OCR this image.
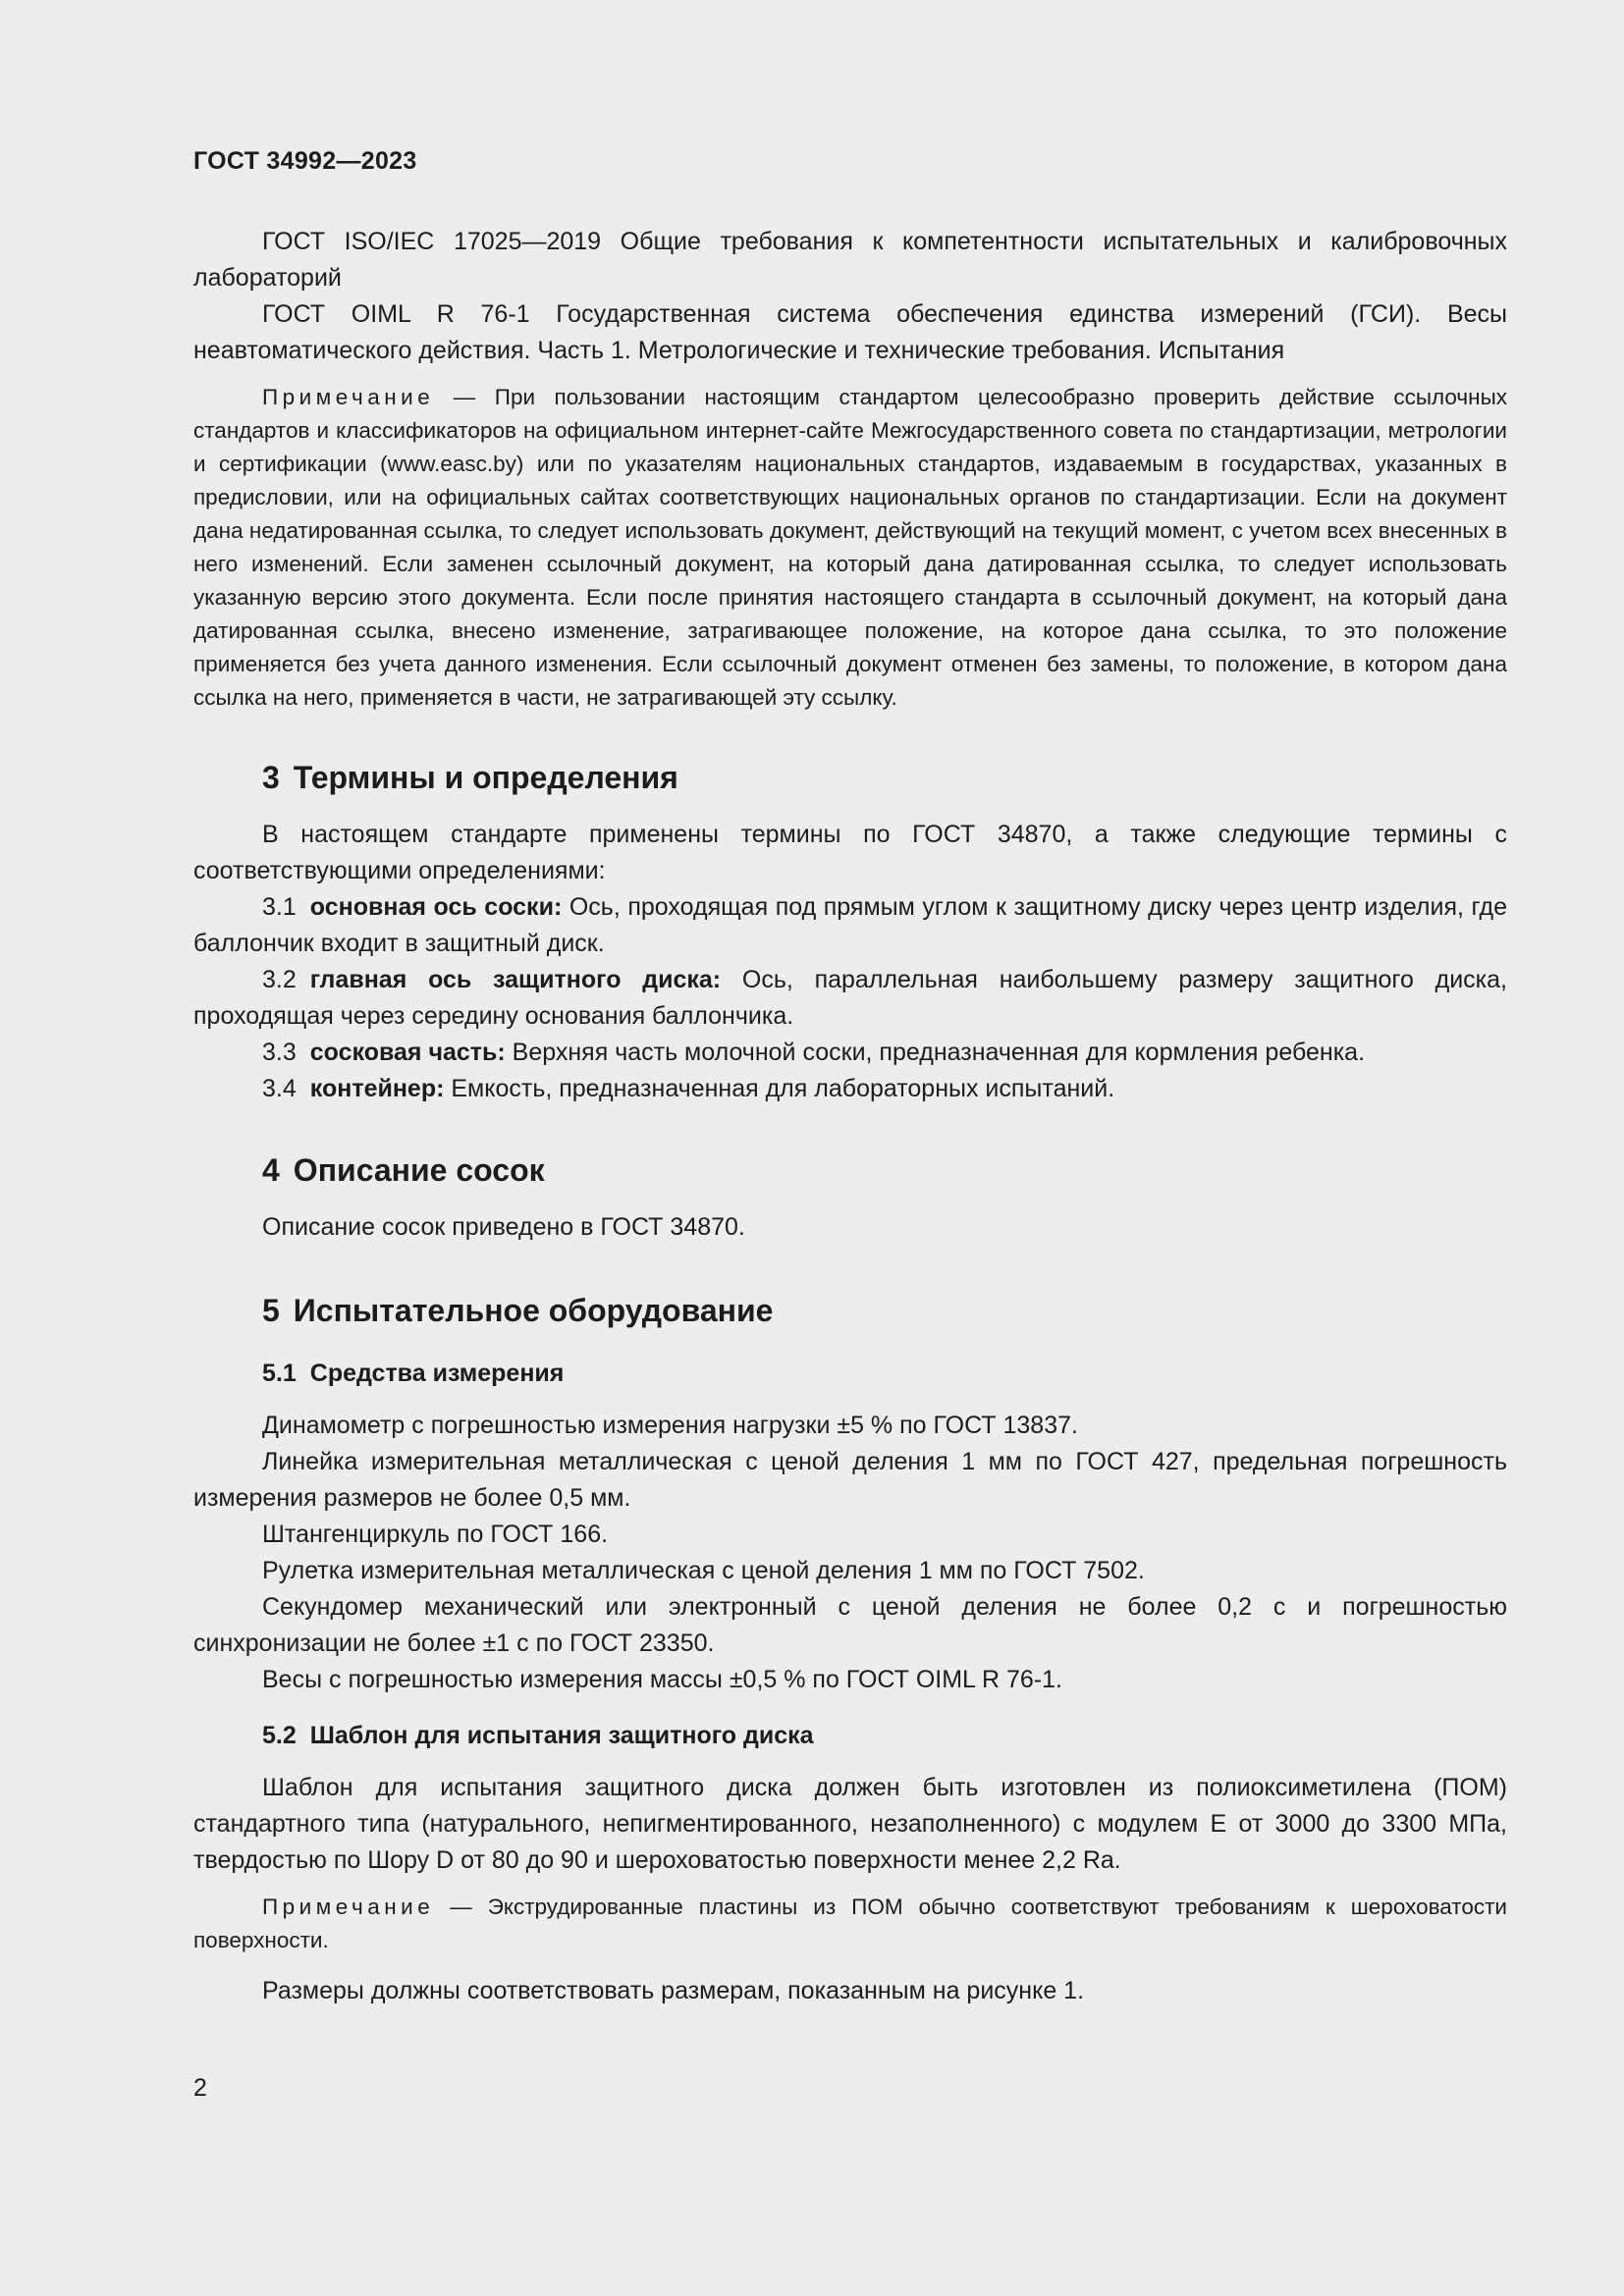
ГОСТ 34992—2023

ГОСТ ISO/IEC 17025—2019 Общие требования к компетентности испытательных и калибровочных лабораторий

ГОСТ OIML R 76-1 Государственная система обеспечения единства измерений (ГСИ). Весы неавтоматического действия. Часть 1. Метрологические и технические требования. Испытания

Примечание — При пользовании настоящим стандартом целесообразно проверить действие ссылочных стандартов и классификаторов на официальном интернет-сайте Межгосударственного совета по стандартизации, метрологии и сертификации (www.easc.by) или по указателям национальных стандартов, издаваемым в государствах, указанных в предисловии, или на официальных сайтах соответствующих национальных органов по стандартизации. Если на документ дана недатированная ссылка, то следует использовать документ, действующий на текущий момент, с учетом всех внесенных в него изменений. Если заменен ссылочный документ, на который дана датированная ссылка, то следует использовать указанную версию этого документа. Если после принятия настоящего стандарта в ссылочный документ, на который дана датированная ссылка, внесено изменение, затрагивающее положение, на которое дана ссылка, то это положение применяется без учета данного изменения. Если ссылочный документ отменен без замены, то положение, в котором дана ссылка на него, применяется в части, не затрагивающей эту ссылку.

3 Термины и определения

В настоящем стандарте применены термины по ГОСТ 34870, а также следующие термины с соответствующими определениями:

3.1 основная ось соски: Ось, проходящая под прямым углом к защитному диску через центр изделия, где баллончик входит в защитный диск.

3.2 главная ось защитного диска: Ось, параллельная наибольшему размеру защитного диска, проходящая через середину основания баллончика.

3.3 сосковая часть: Верхняя часть молочной соски, предназначенная для кормления ребенка.

3.4 контейнер: Емкость, предназначенная для лабораторных испытаний.

4 Описание сосок

Описание сосок приведено в ГОСТ 34870.

5 Испытательное оборудование
5.1 Средства измерения

Динамометр с погрешностью измерения нагрузки ±5 % по ГОСТ 13837.

Линейка измерительная металлическая с ценой деления 1 мм по ГОСТ 427, предельная погрешность измерения размеров не более 0,5 мм.

Штангенциркуль по ГОСТ 166.

Рулетка измерительная металлическая с ценой деления 1 мм по ГОСТ 7502.

Секундомер механический или электронный с ценой деления не более 0,2 с и погрешностью синхронизации не более ±1 с по ГОСТ 23350.

Весы с погрешностью измерения массы ±0,5 % по ГОСТ OIML R 76-1.

5.2 Шаблон для испытания защитного диска

Шаблон для испытания защитного диска должен быть изготовлен из полиоксиметилена (ПОМ) стандартного типа (натурального, непигментированного, незаполненного) с модулем E от 3000 до 3300 МПа, твердостью по Шору D от 80 до 90 и шероховатостью поверхности менее 2,2 Ra.

Примечание — Экструдированные пластины из ПОМ обычно соответствуют требованиям к шероховатости поверхности.

Размеры должны соответствовать размерам, показанным на рисунке 1.

2
